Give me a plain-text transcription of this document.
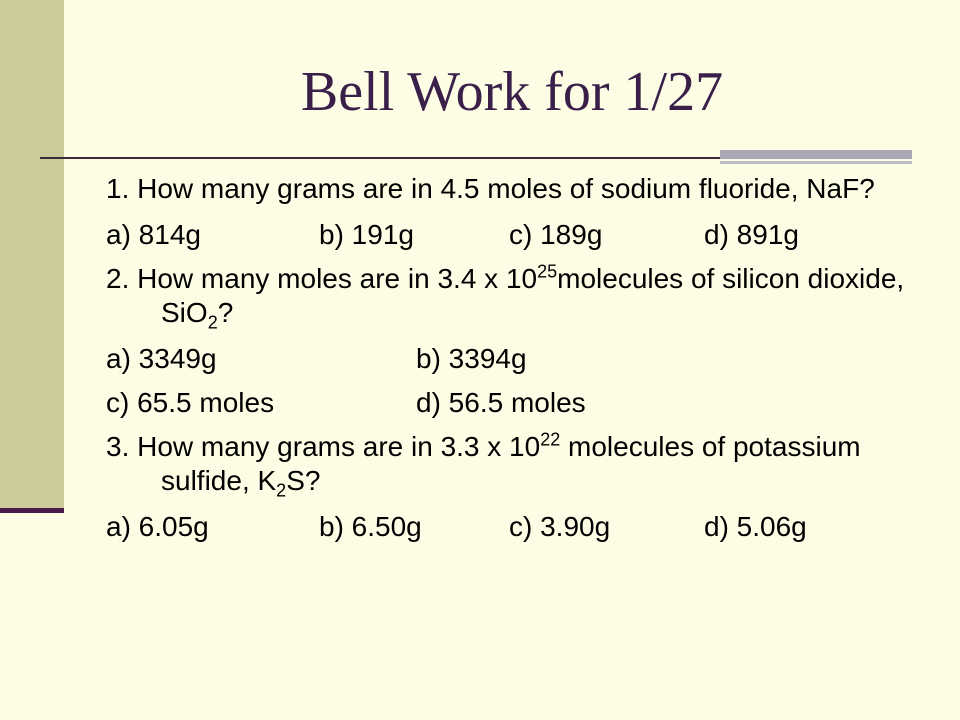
Bell Work for 1/27
1. How many grams are in 4.5 moles of sodium fluoride, NaF?
a) 814g	b) 191g	c) 189g	d) 891g
2. How many moles are in 3.4 x $10^{25}molecules$ of silicon dioxide, SiO$_2$?
a) 3349g	b) 3394g
c) 65.5 moles	d) 56.5 moles
3. How many grams are in 3.3 x $10^{22}$ molecules of potassium sulfide, $K_2S$?
a) 6.05g	b) 6.50g	c) 3.90g	d) 5.06g
